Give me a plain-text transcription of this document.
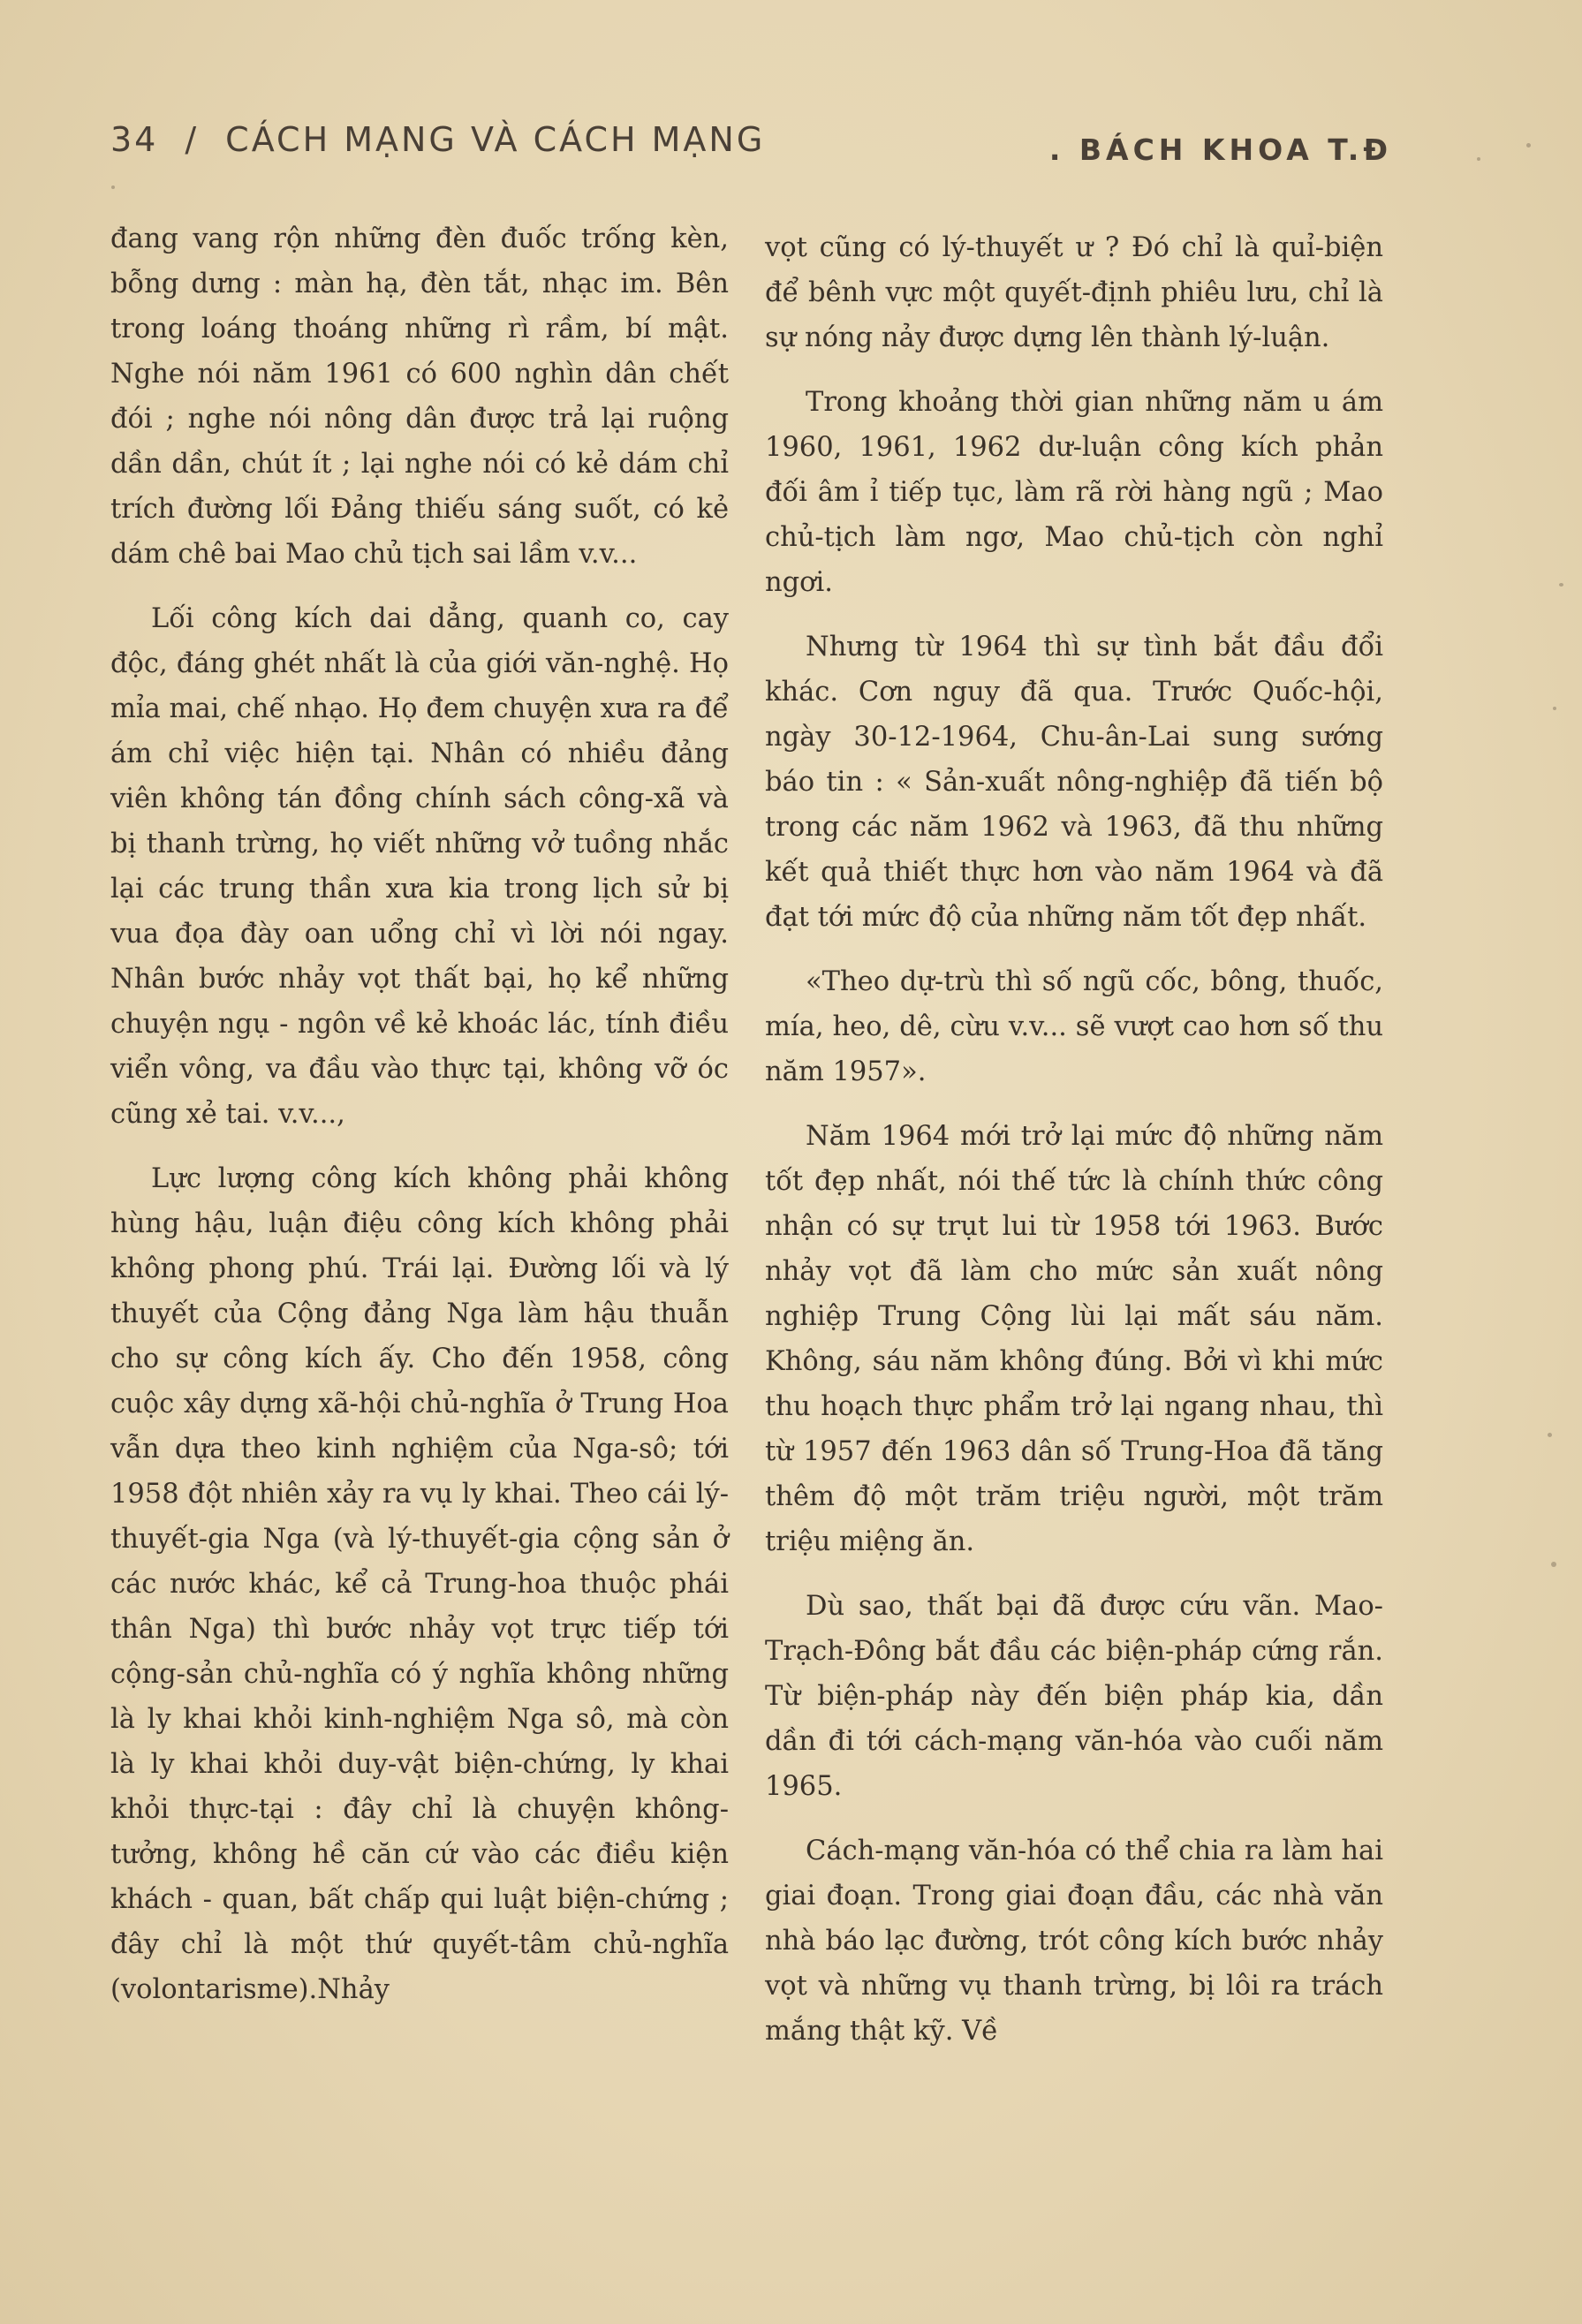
34 / CÁCH MẠNG VÀ CÁCH MẠNG	. BÁCH KHOA T.Đ

đang vang rộn những đèn đuốc trống kèn, bỗng dưng : màn hạ, đèn tắt, nhạc im. Bên trong loáng thoáng những rì rầm, bí mật. Nghe nói năm 1961 có 600 nghìn dân chết đói ; nghe nói nông dân được trả lại ruộng dần dần, chút ít ; lại nghe nói có kẻ dám chỉ trích đường lối Đảng thiếu sáng suốt, có kẻ dám chê bai Mao chủ tịch sai lầm v.v...

Lối công kích dai dẳng, quanh co, cay độc, đáng ghét nhất là của giới văn-nghệ. Họ mỉa mai, chế nhạo. Họ đem chuyện xưa ra để ám chỉ việc hiện tại. Nhân có nhiều đảng viên không tán đồng chính sách công-xã và bị thanh trừng, họ viết những vở tuồng nhắc lại các trung thần xưa kia trong lịch sử bị vua đọa đày oan uổng chỉ vì lời nói ngay. Nhân bước nhảy vọt thất bại, họ kể những chuyện ngụ - ngôn về kẻ khoác lác, tính điều viển vông, va đầu vào thực tại, không vỡ óc cũng xẻ tai. v.v...,

Lực lượng công kích không phải không hùng hậu, luận điệu công kích không phải không phong phú. Trái lại. Đường lối và lý thuyết của Cộng đảng Nga làm hậu thuẫn cho sự công kích ấy. Cho đến 1958, công cuộc xây dựng xã-hội chủ-nghĩa ở Trung Hoa vẫn dựa theo kinh nghiệm của Nga-sô; tới 1958 đột nhiên xảy ra vụ ly khai. Theo cái lý-thuyết-gia Nga (và lý-thuyết-gia cộng sản ở các nước khác, kể cả Trung-hoa thuộc phái thân Nga) thì bước nhảy vọt trực tiếp tới cộng-sản chủ-nghĩa có ý nghĩa không những là ly khai khỏi kinh-nghiệm Nga sô, mà còn là ly khai khỏi duy-vật biện-chứng, ly khai khỏi thực-tại : đây chỉ là chuyện không-tưởng, không hề căn cứ vào các điều kiện khách - quan, bất chấp qui luật biện-chứng ; đây chỉ là một thứ quyết-tâm chủ-nghĩa (volontarisme).Nhảy

vọt cũng có lý-thuyết ư ? Đó chỉ là quỉ-biện để bênh vực một quyết-định phiêu lưu, chỉ là sự nóng nảy được dựng lên thành lý-luận.

Trong khoảng thời gian những năm u ám 1960, 1961, 1962 dư-luận công kích phản đối âm ỉ tiếp tục, làm rã rời hàng ngũ ; Mao chủ-tịch làm ngơ, Mao chủ-tịch còn nghỉ ngơi.

Nhưng từ 1964 thì sự tình bắt đầu đổi khác. Cơn nguy đã qua. Trước Quốc-hội, ngày 30-12-1964, Chu-ân-Lai sung sướng báo tin : « Sản-xuất nông-nghiệp đã tiến bộ trong các năm 1962 và 1963, đã thu những kết quả thiết thực hơn vào năm 1964 và đã đạt tới mức độ của những năm tốt đẹp nhất.

«Theo dự-trù thì số ngũ cốc, bông, thuốc, mía, heo, dê, cừu v.v... sẽ vượt cao hơn số thu năm 1957».

Năm 1964 mới trở lại mức độ những năm tốt đẹp nhất, nói thế tức là chính thức công nhận có sự trụt lui từ 1958 tới 1963. Bước nhảy vọt đã làm cho mức sản xuất nông nghiệp Trung Cộng lùi lại mất sáu năm. Không, sáu năm không đúng. Bởi vì khi mức thu hoạch thực phẩm trở lại ngang nhau, thì từ 1957 đến 1963 dân số Trung-Hoa đã tăng thêm độ một trăm triệu người, một trăm triệu miệng ăn.

Dù sao, thất bại đã được cứu vãn. Mao-Trạch-Đông bắt đầu các biện-pháp cứng rắn. Từ biện-pháp này đến biện pháp kia, dần dần đi tới cách-mạng văn-hóa vào cuối năm 1965.

Cách-mạng văn-hóa có thể chia ra làm hai giai đoạn. Trong giai đoạn đầu, các nhà văn nhà báo lạc đường, trót công kích bước nhảy vọt và những vụ thanh trừng, bị lôi ra trách mắng thật kỹ. Về
